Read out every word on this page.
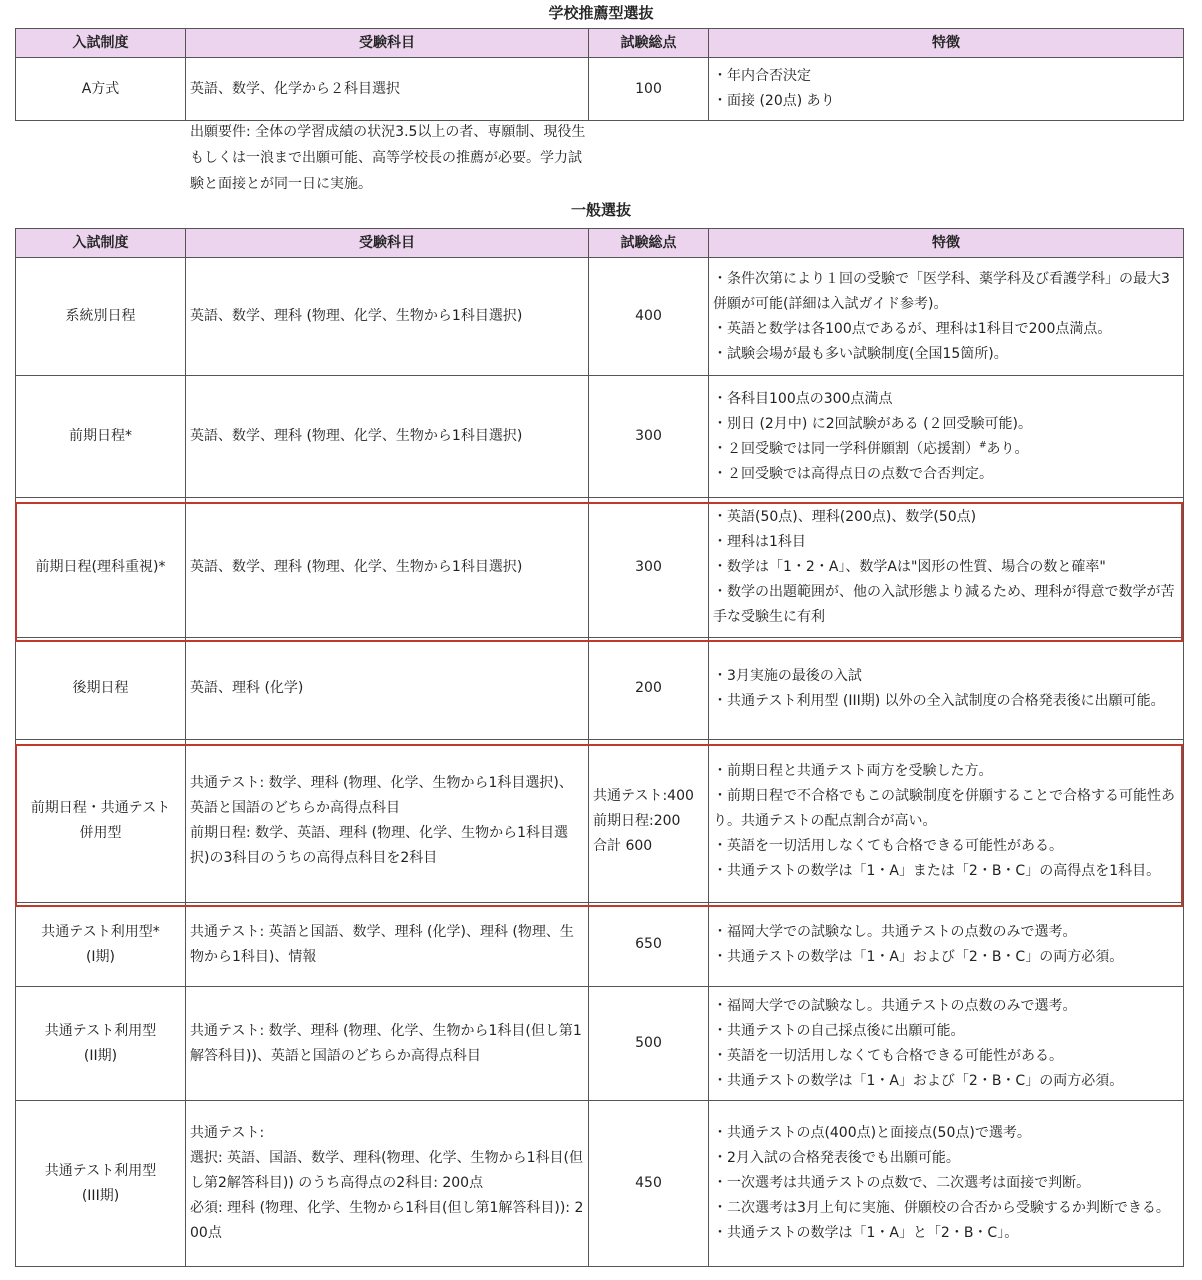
学校推薦型選抜
入試制度	受験科目	試験総点	特徴
A方式	英語、数学、化学から２科目選択	100	・年内合否決定
・面接 (20点) あり
出願要件: 全体の学習成績の状況3.5以上の者、専願制、現役生もしくは一浪まで出願可能、高等学校長の推薦が必要。学力試験と面接とが同一日に実施。
一般選抜
入試制度	受験科目	試験総点	特徴

系統別日程	英語、数学、理科 (物理、化学、生物から1科目選択)	400	・条件次第により１回の受験で「医学科、薬学科及び看護学科」の最大3併願が可能(詳細は入試ガイド参考)。
・英語と数学は各100点であるが、理科は1科目で200点満点。
・試験会場が最も多い試験制度(全国15箇所)。

前期日程*	英語、数学、理科 (物理、化学、生物から1科目選択)	300	・各科目100点の300点満点
・別日 (2月中) に2回試験がある (２回受験可能)。
・２回受験では同一学科併願割（応援割）#あり。
・２回受験では高得点日の点数で合否判定。

前期日程(理科重視)*	英語、数学、理科 (物理、化学、生物から1科目選択)	300	・英語(50点)、理科(200点)、数学(50点)
・理科は1科目
・数学は「1・2・A」、数学Aは"図形の性質、場合の数と確率"
・数学の出題範囲が、他の入試形態より減るため、理科が得意で数学が苦手な受験生に有利

後期日程	英語、理科 (化学)	200	・3月実施の最後の入試
・共通テスト利用型 (III期) 以外の全入試制度の合格発表後に出願可能。

前期日程・共通テスト
併用型	共通テスト: 数学、理科 (物理、化学、生物から1科目選択)、英語と国語のどちらか高得点科目
前期日程: 数学、英語、理科 (物理、化学、生物から1科目選択)の3科目のうちの高得点科目を2科目	共通テスト:400
前期日程:200
合計 600	・前期日程と共通テスト両方を受験した方。
・前期日程で不合格でもこの試験制度を併願することで合格する可能性あり。共通テストの配点割合が高い。
・英語を一切活用しなくても合格できる可能性がある。
・共通テストの数学は「1・A」または「2・B・C」の高得点を1科目。

共通テスト利用型*
(I期)	共通テスト: 英語と国語、数学、理科 (化学)、理科 (物理、生物から1科目)、情報	650	・福岡大学での試験なし。共通テストの点数のみで選考。
・共通テストの数学は「1・A」および「2・B・C」の両方必須。

共通テスト利用型
(II期)	共通テスト: 数学、理科 (物理、化学、生物から1科目(但し第1解答科目))、英語と国語のどちらか高得点科目	500	・福岡大学での試験なし。共通テストの点数のみで選考。
・共通テストの自己採点後に出願可能。
・英語を一切活用しなくても合格できる可能性がある。
・共通テストの数学は「1・A」および「2・B・C」の両方必須。

共通テスト利用型
(III期)	共通テスト:
選択: 英語、国語、数学、理科(物理、化学、生物から1科目(但し第2解答科目)) のうち高得点の2科目: 200点
必須: 理科 (物理、化学、生物から1科目(但し第1解答科目)): 200点	450	・共通テストの点(400点)と面接点(50点)で選考。
・2月入試の合格発表後でも出願可能。
・一次選考は共通テストの点数で、二次選考は面接で判断。
・二次選考は3月上旬に実施、併願校の合否から受験するか判断できる。
・共通テストの数学は「1・A」と「2・B・C」。
